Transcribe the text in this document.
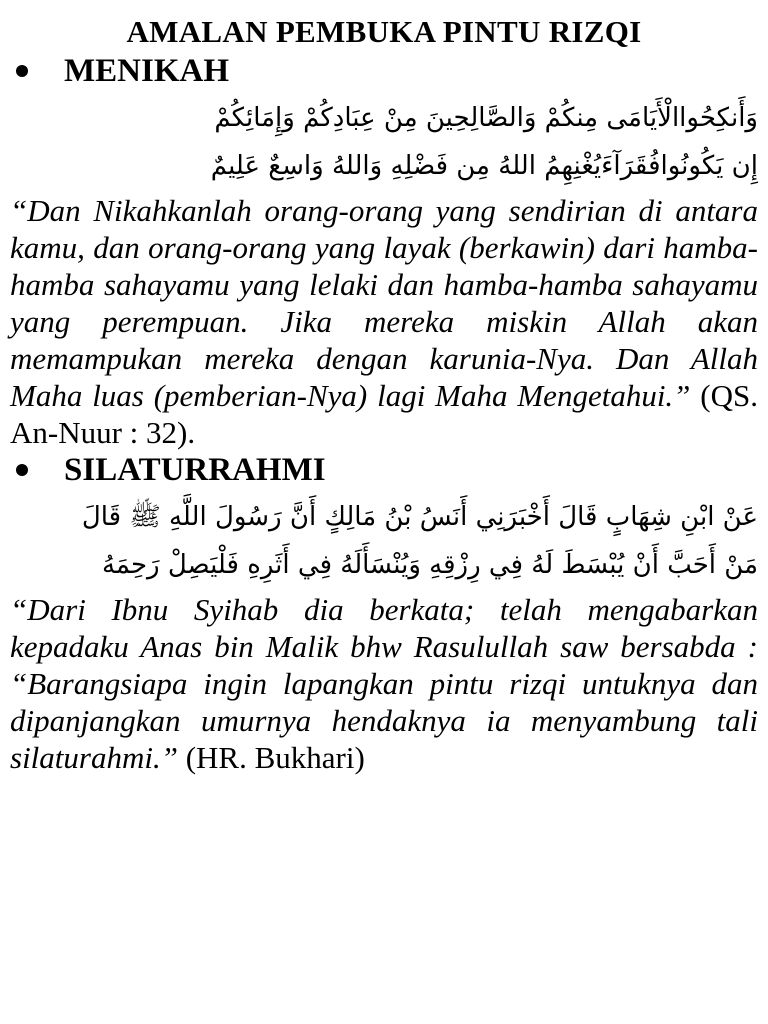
AMALAN PEMBUKA PINTU RIZQI
MENIKAH
وَأَنكِحُواالْأَيَامَى مِنكُمْ وَالصَّالِحِينَ مِنْ عِبَادِكُمْ وَإِمَائِكُمْ
إِن يَكُونُوافُقَرَآءَيُغْنِهِمُ اللهُ مِن فَضْلِهِ وَاللهُ وَاسِعٌ عَلِيمٌ

“Dan Nikahkanlah orang-orang yang sendirian di antara kamu, dan orang-orang yang layak (berkawin) dari hamba-hamba sahayamu yang lelaki dan hamba-hamba sahayamu yang perempuan. Jika mereka miskin Allah akan memampukan mereka dengan karunia-Nya. Dan Allah Maha luas (pemberian-Nya) lagi Maha Mengetahui.” (QS. An-Nuur : 32).

SILATURRAHMI
عَنْ ابْنِ شِهَابٍ قَالَ أَخْبَرَنِي أَنَسُ بْنُ مَالِكٍ أَنَّ رَسُولَ اللَّهِ ﷺ قَالَ
مَنْ أَحَبَّ أَنْ يُبْسَطَ لَهُ فِي رِزْقِهِ وَيُنْسَأَلَهُ فِي أَثَرِهِ فَلْيَصِلْ رَحِمَهُ

“Dari Ibnu Syihab dia berkata; telah mengabarkan kepadaku Anas bin Malik bhw Rasulullah saw bersabda : “Barangsiapa ingin lapangkan pintu rizqi untuknya dan dipanjangkan umurnya hendaknya ia menyambung tali silaturahmi.” (HR. Bukhari)
